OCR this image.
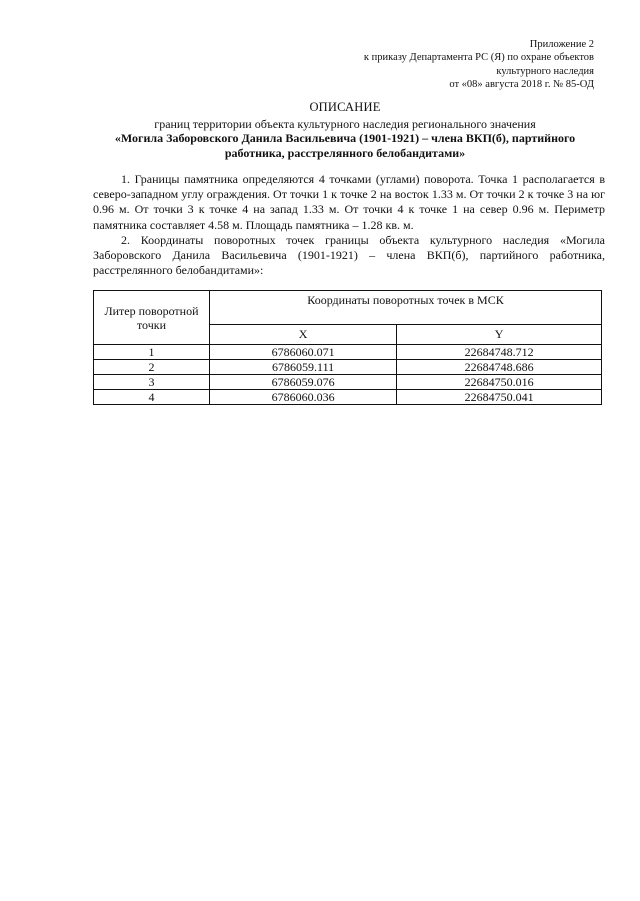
Приложение 2
к приказу Департамента РС (Я) по охране объектов
культурного наследия
от «08» августа 2018 г. № 85-ОД
ОПИСАНИЕ
границ территории объекта культурного наследия регионального значения
«Могила Заборовского Данила Васильевича (1901-1921) – члена ВКП(б), партийного
работника, расстрелянного белобандитами»

1. Границы памятника определяются 4 точками (углами) поворота. Точка 1 располагается в северо-западном углу ограждения. От точки 1 к точке 2 на восток 1.33 м. От точки 2 к точке 3 на юг 0.96 м. От точки 3 к точке 4 на запад 1.33 м. От точки 4 к точке 1 на север 0.96 м. Периметр памятника составляет 4.58 м. Площадь памятника – 1.28 кв. м.

2. Координаты поворотных точек границы объекта культурного наследия «Могила Заборовского Данила Васильевича (1901-1921) – члена ВКП(б), партийного работника, расстрелянного белобандитами»:

Литер поворотной точки	Координаты поворотных точек в МСК	
	X	Y
1	6786060.071	22684748.712
2	6786059.111	22684748.686
3	6786059.076	22684750.016
4	6786060.036	22684750.041
